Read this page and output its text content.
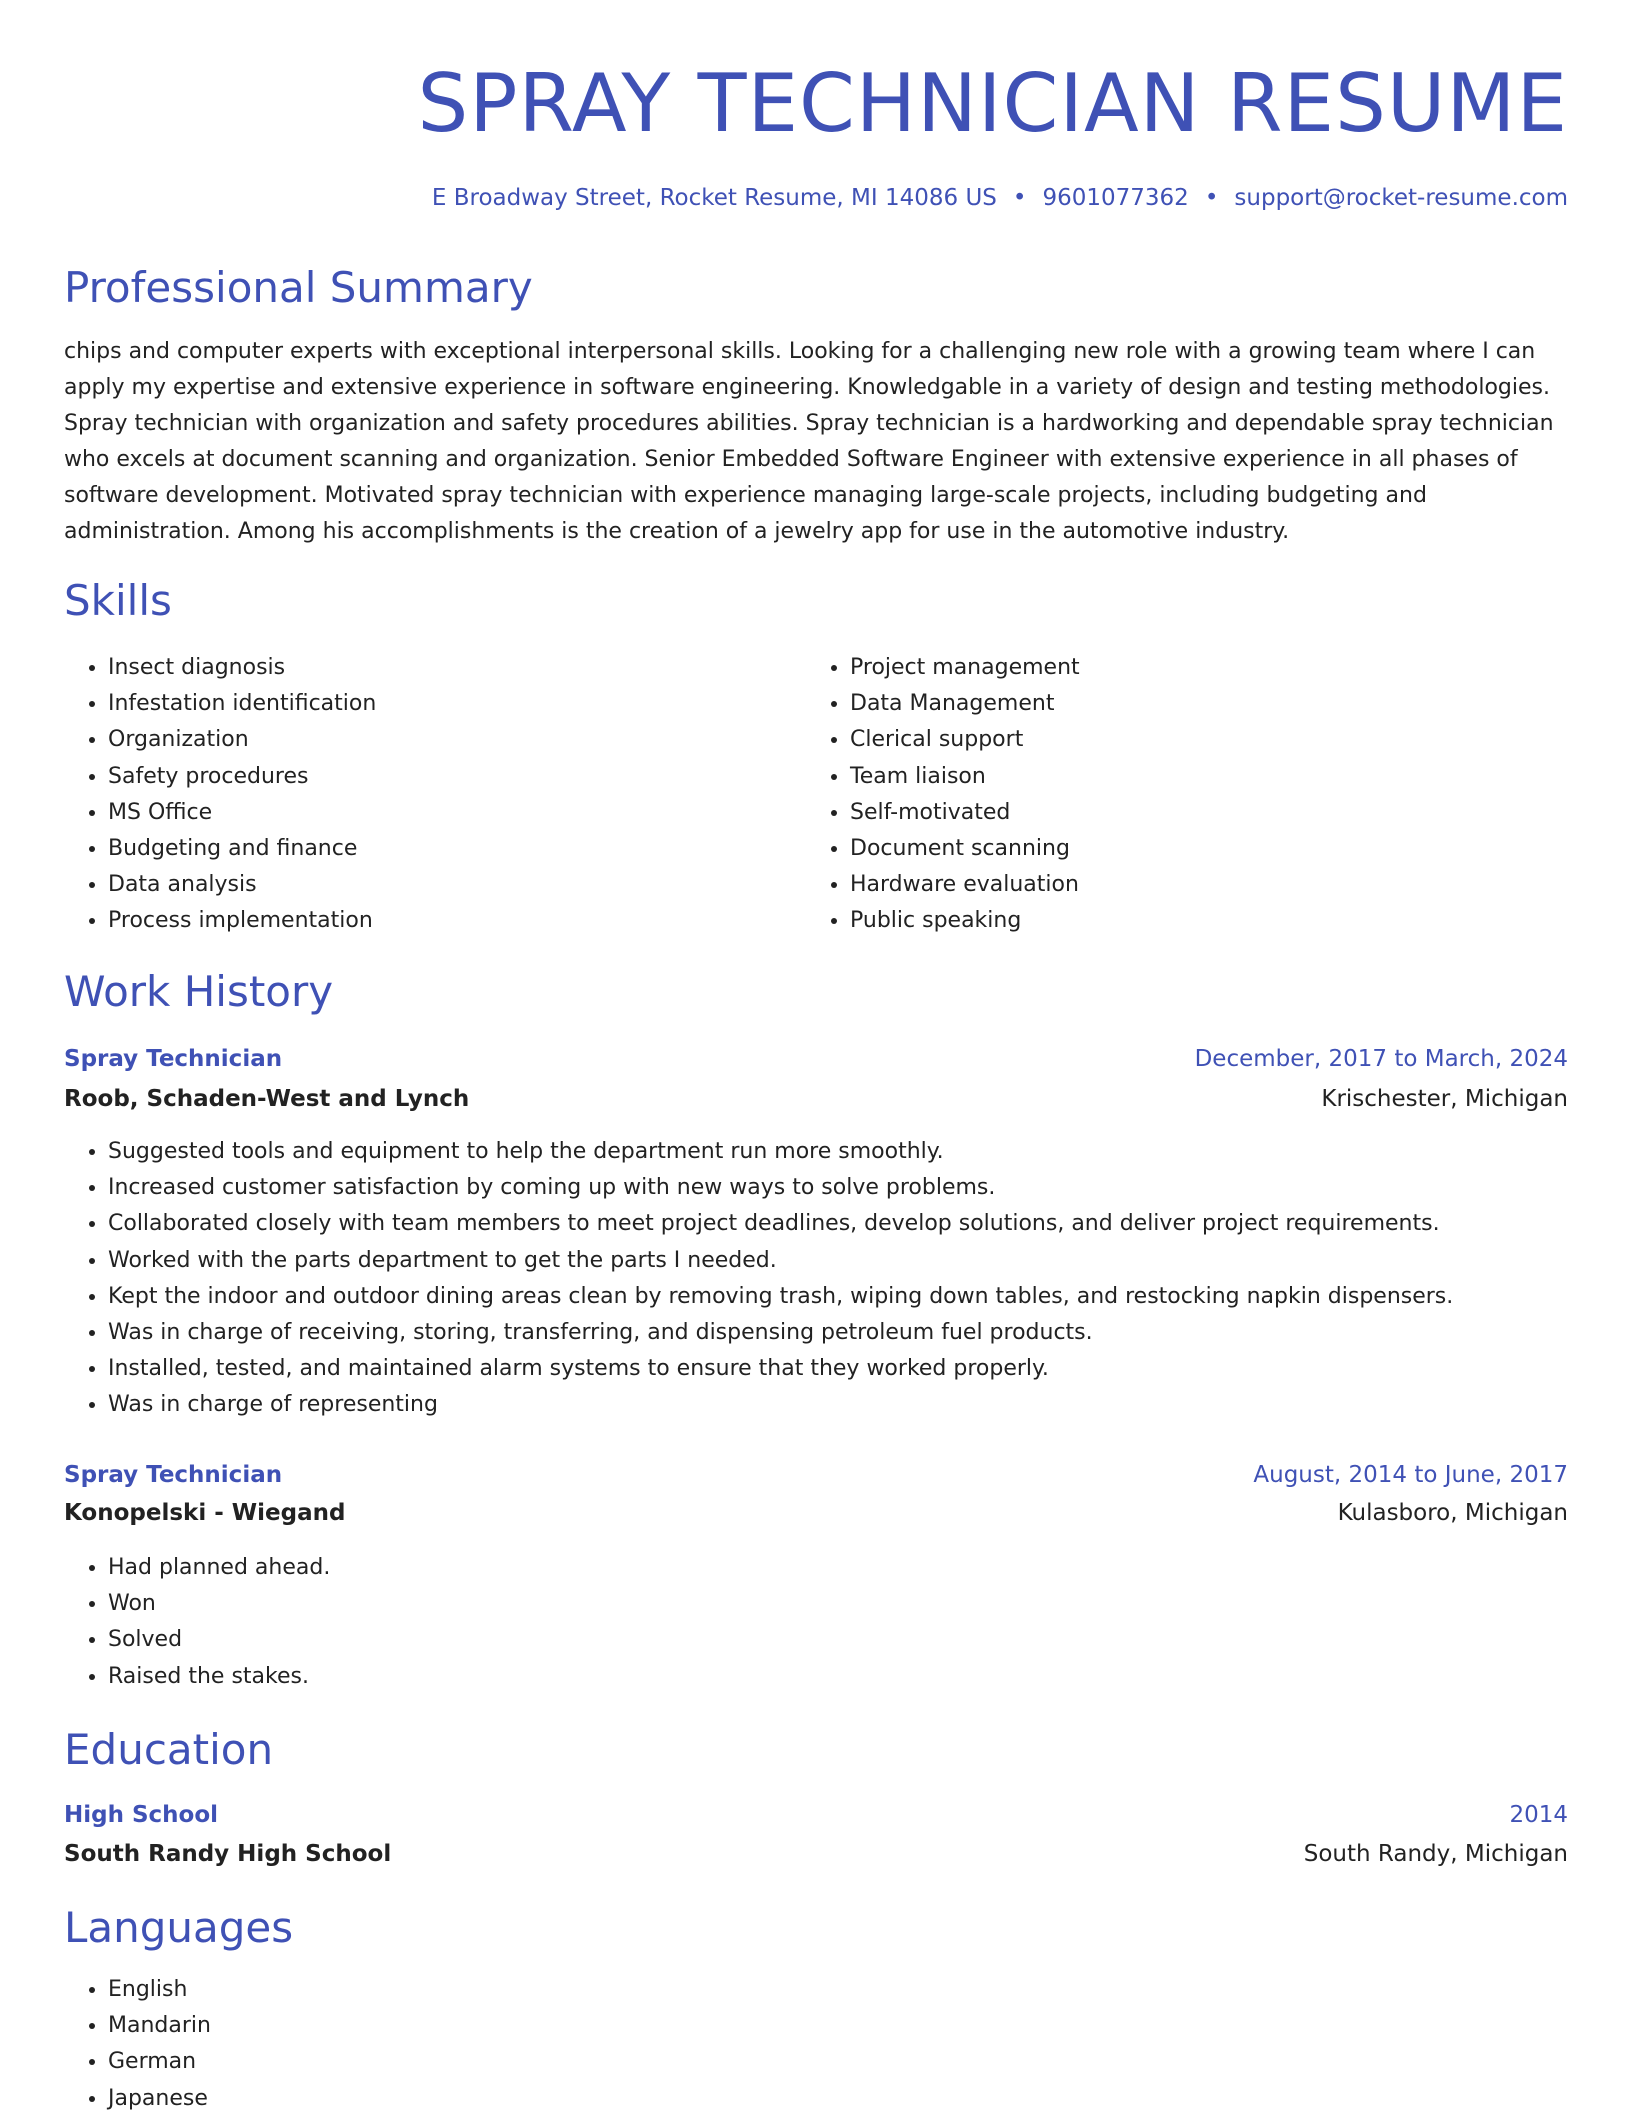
SPRAY TECHNICIAN RESUME
E Broadway Street, Rocket Resume, MI 14086 US • 9601077362 • support@rocket-resume.com
Professional Summary

chips and computer experts with exceptional interpersonal skills. Looking for a challenging new role with a growing team where I can apply my expertise and extensive experience in software engineering. Knowledgable in a variety of design and testing methodologies. Spray technician with organization and safety procedures abilities. Spray technician is a hardworking and dependable spray technician who excels at document scanning and organization. Senior Embedded Software Engineer with extensive experience in all phases of software development. Motivated spray technician with experience managing large-scale projects, including budgeting and administration. Among his accomplishments is the creation of a jewelry app for use in the automotive industry.

Skills
• Insect diagnosis
• Infestation identification
• Organization
• Safety procedures
• MS Office
• Budgeting and finance
• Data analysis
• Process implementation
• Project management
• Data Management
• Clerical support
• Team liaison
• Self-motivated
• Document scanning
• Hardware evaluation
• Public speaking
Work History
Spray Technician	December, 2017 to March, 2024
Roob, Schaden-West and Lynch	Krischester, Michigan
• Suggested tools and equipment to help the department run more smoothly.
• Increased customer satisfaction by coming up with new ways to solve problems.
• Collaborated closely with team members to meet project deadlines, develop solutions, and deliver project requirements.
• Worked with the parts department to get the parts I needed.
• Kept the indoor and outdoor dining areas clean by removing trash, wiping down tables, and restocking napkin dispensers.
• Was in charge of receiving, storing, transferring, and dispensing petroleum fuel products.
• Installed, tested, and maintained alarm systems to ensure that they worked properly.
• Was in charge of representing
Spray Technician	August, 2014 to June, 2017
Konopelski - Wiegand	Kulasboro, Michigan
• Had planned ahead.
• Won
• Solved
• Raised the stakes.
Education
High School	2014
South Randy High School	South Randy, Michigan
Languages
• English
• Mandarin
• German
• Japanese
